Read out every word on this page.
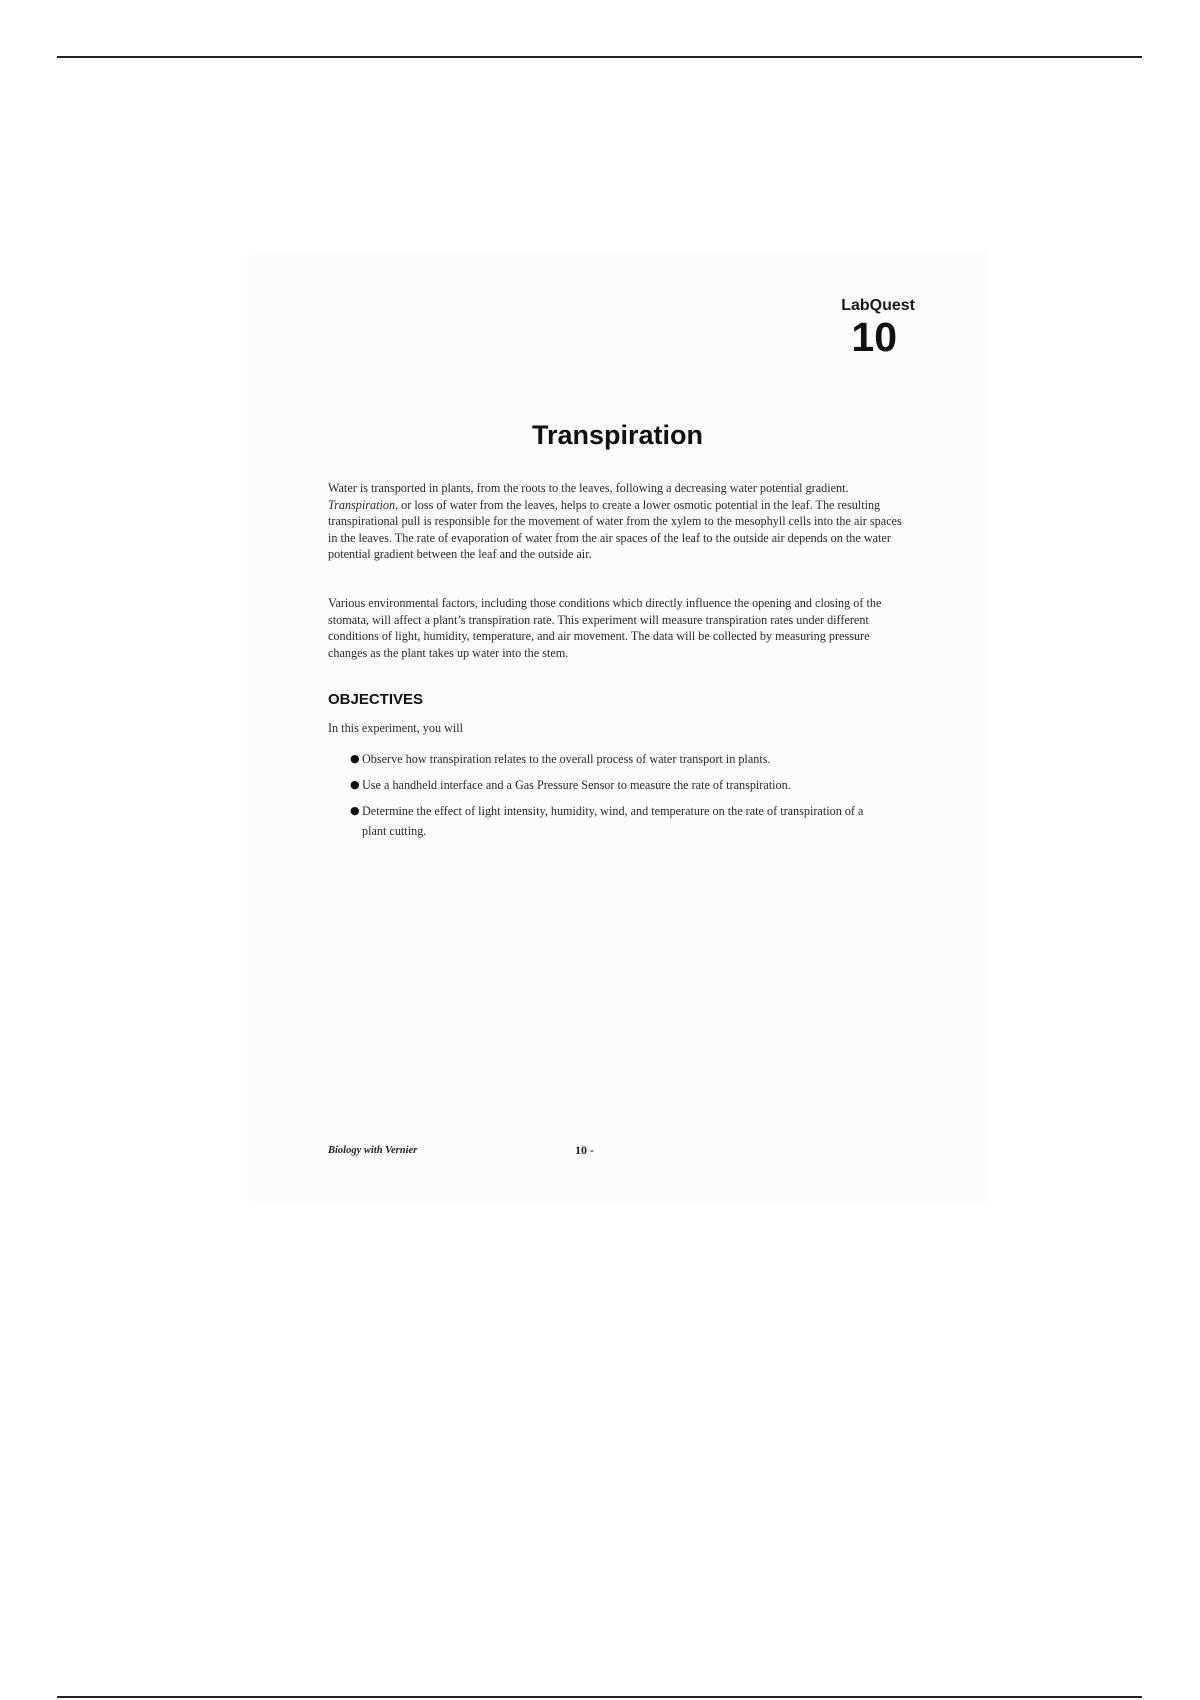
LabQuest
10
Transpiration

Water is transported in plants, from the roots to the leaves, following a decreasing water potential gradient. Transpiration, or loss of water from the leaves, helps to create a lower osmotic potential in the leaf. The resulting transpirational pull is responsible for the movement of water from the xylem to the mesophyll cells into the air spaces in the leaves. The rate of evaporation of water from the air spaces of the leaf to the outside air depends on the water potential gradient between the leaf and the outside air.

Various environmental factors, including those conditions which directly influence the opening and closing of the stomata, will affect a plant’s transpiration rate. This experiment will measure transpiration rates under different conditions of light, humidity, temperature, and air movement. The data will be collected by measuring pressure changes as the plant takes up water into the stem.

OBJECTIVES
In this experiment, you will
● Observe how transpiration relates to the overall process of water transport in plants.
● Use a handheld interface and a Gas Pressure Sensor to measure the rate of transpiration.
● Determine the effect of light intensity, humidity, wind, and temperature on the rate of transpiration of a plant cutting.
Biology with Vernier	10 -
